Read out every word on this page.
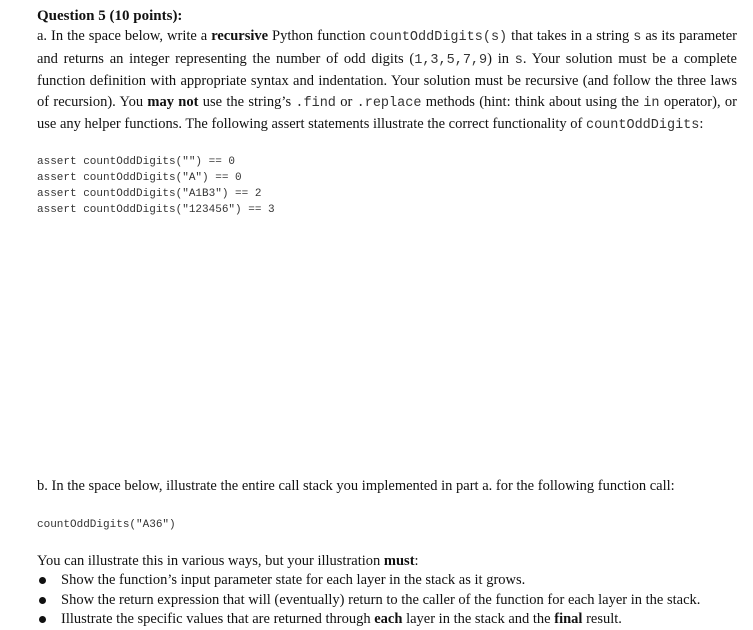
Question 5 (10 points):

a. In the space below, write a recursive Python function countOddDigits(s) that takes in a string s as its parameter and returns an integer representing the number of odd digits (1,3,5,7,9) in s. Your solution must be a complete function definition with appropriate syntax and indentation. Your solution must be recursive (and follow the three laws of recursion). You may not use the string’s .find or .replace methods (hint: think about using the in operator), or use any helper functions. The following assert statements illustrate the correct functionality of countOddDigits:

assert countOddDigits("") == 0
assert countOddDigits("A") == 0
assert countOddDigits("A1B3") == 2
assert countOddDigits("123456") == 3
b. In the space below, illustrate the entire call stack you implemented in part a. for the following function call:
countOddDigits("A36")
You can illustrate this in various ways, but your illustration must:
Show the function’s input parameter state for each layer in the stack as it grows.
Show the return expression that will (eventually) return to the caller of the function for each layer in the stack.
Illustrate the specific values that are returned through each layer in the stack and the final result.
